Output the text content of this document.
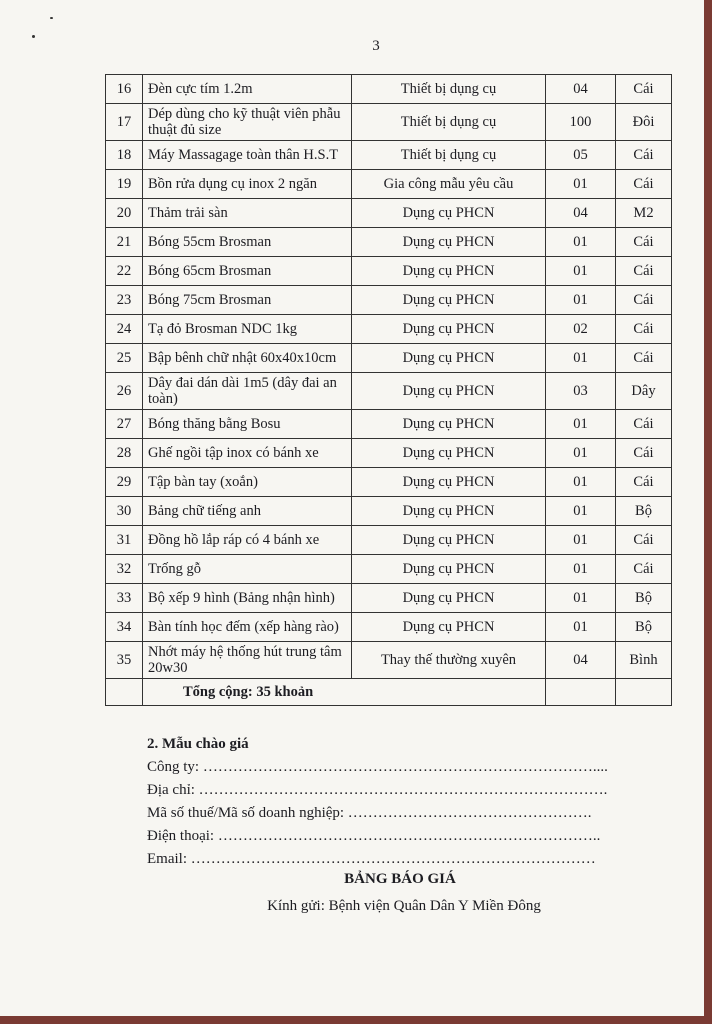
3
16	Đèn cực tím 1.2m	Thiết bị dụng cụ	04	Cái
17	Dép dùng cho kỹ thuật viên phẫu thuật đủ size	Thiết bị dụng cụ	100	Đôi
18	Máy Massagage toàn thân H.S.T	Thiết bị dụng cụ	05	Cái
19	Bồn rửa dụng cụ inox 2 ngăn	Gia công mẫu yêu cầu	01	Cái
20	Thảm trải sàn	Dụng cụ PHCN	04	M2
21	Bóng 55cm Brosman	Dụng cụ PHCN	01	Cái
22	Bóng 65cm Brosman	Dụng cụ PHCN	01	Cái
23	Bóng 75cm Brosman	Dụng cụ PHCN	01	Cái
24	Tạ đỏ Brosman NDC 1kg	Dụng cụ PHCN	02	Cái
25	Bập bênh chữ nhật 60x40x10cm	Dụng cụ PHCN	01	Cái
26	Dây đai dán dài 1m5 (dây đai an toàn)	Dụng cụ PHCN	03	Dây
27	Bóng thăng bằng Bosu	Dụng cụ PHCN	01	Cái
28	Ghế ngồi tập inox có bánh xe	Dụng cụ PHCN	01	Cái
29	Tập bàn tay (xoắn)	Dụng cụ PHCN	01	Cái
30	Bảng chữ tiếng anh	Dụng cụ PHCN	01	Bộ
31	Đồng hồ lắp ráp có 4 bánh xe	Dụng cụ PHCN	01	Cái
32	Trống gỗ	Dụng cụ PHCN	01	Cái
33	Bộ xếp 9 hình (Bảng nhận hình)	Dụng cụ PHCN	01	Bộ
34	Bàn tính học đếm (xếp hàng rào)	Dụng cụ PHCN	01	Bộ
35	Nhớt máy hệ thống hút trung tâm 20w30	Thay thế thường xuyên	04	Bình
	Tổng cộng: 35 khoản			
2. Mẫu chào giá
Công ty: ……………………………………………………………………....
Địa chỉ: ……………………………………………………………………….
Mã số thuế/Mã số doanh nghiệp: ………………………………………….
Điện thoại: …………………………………………………………………..
Email: ………………………………………………………………………
BẢNG BÁO GIÁ
Kính gửi: Bệnh viện Quân Dân Y Miền Đông
